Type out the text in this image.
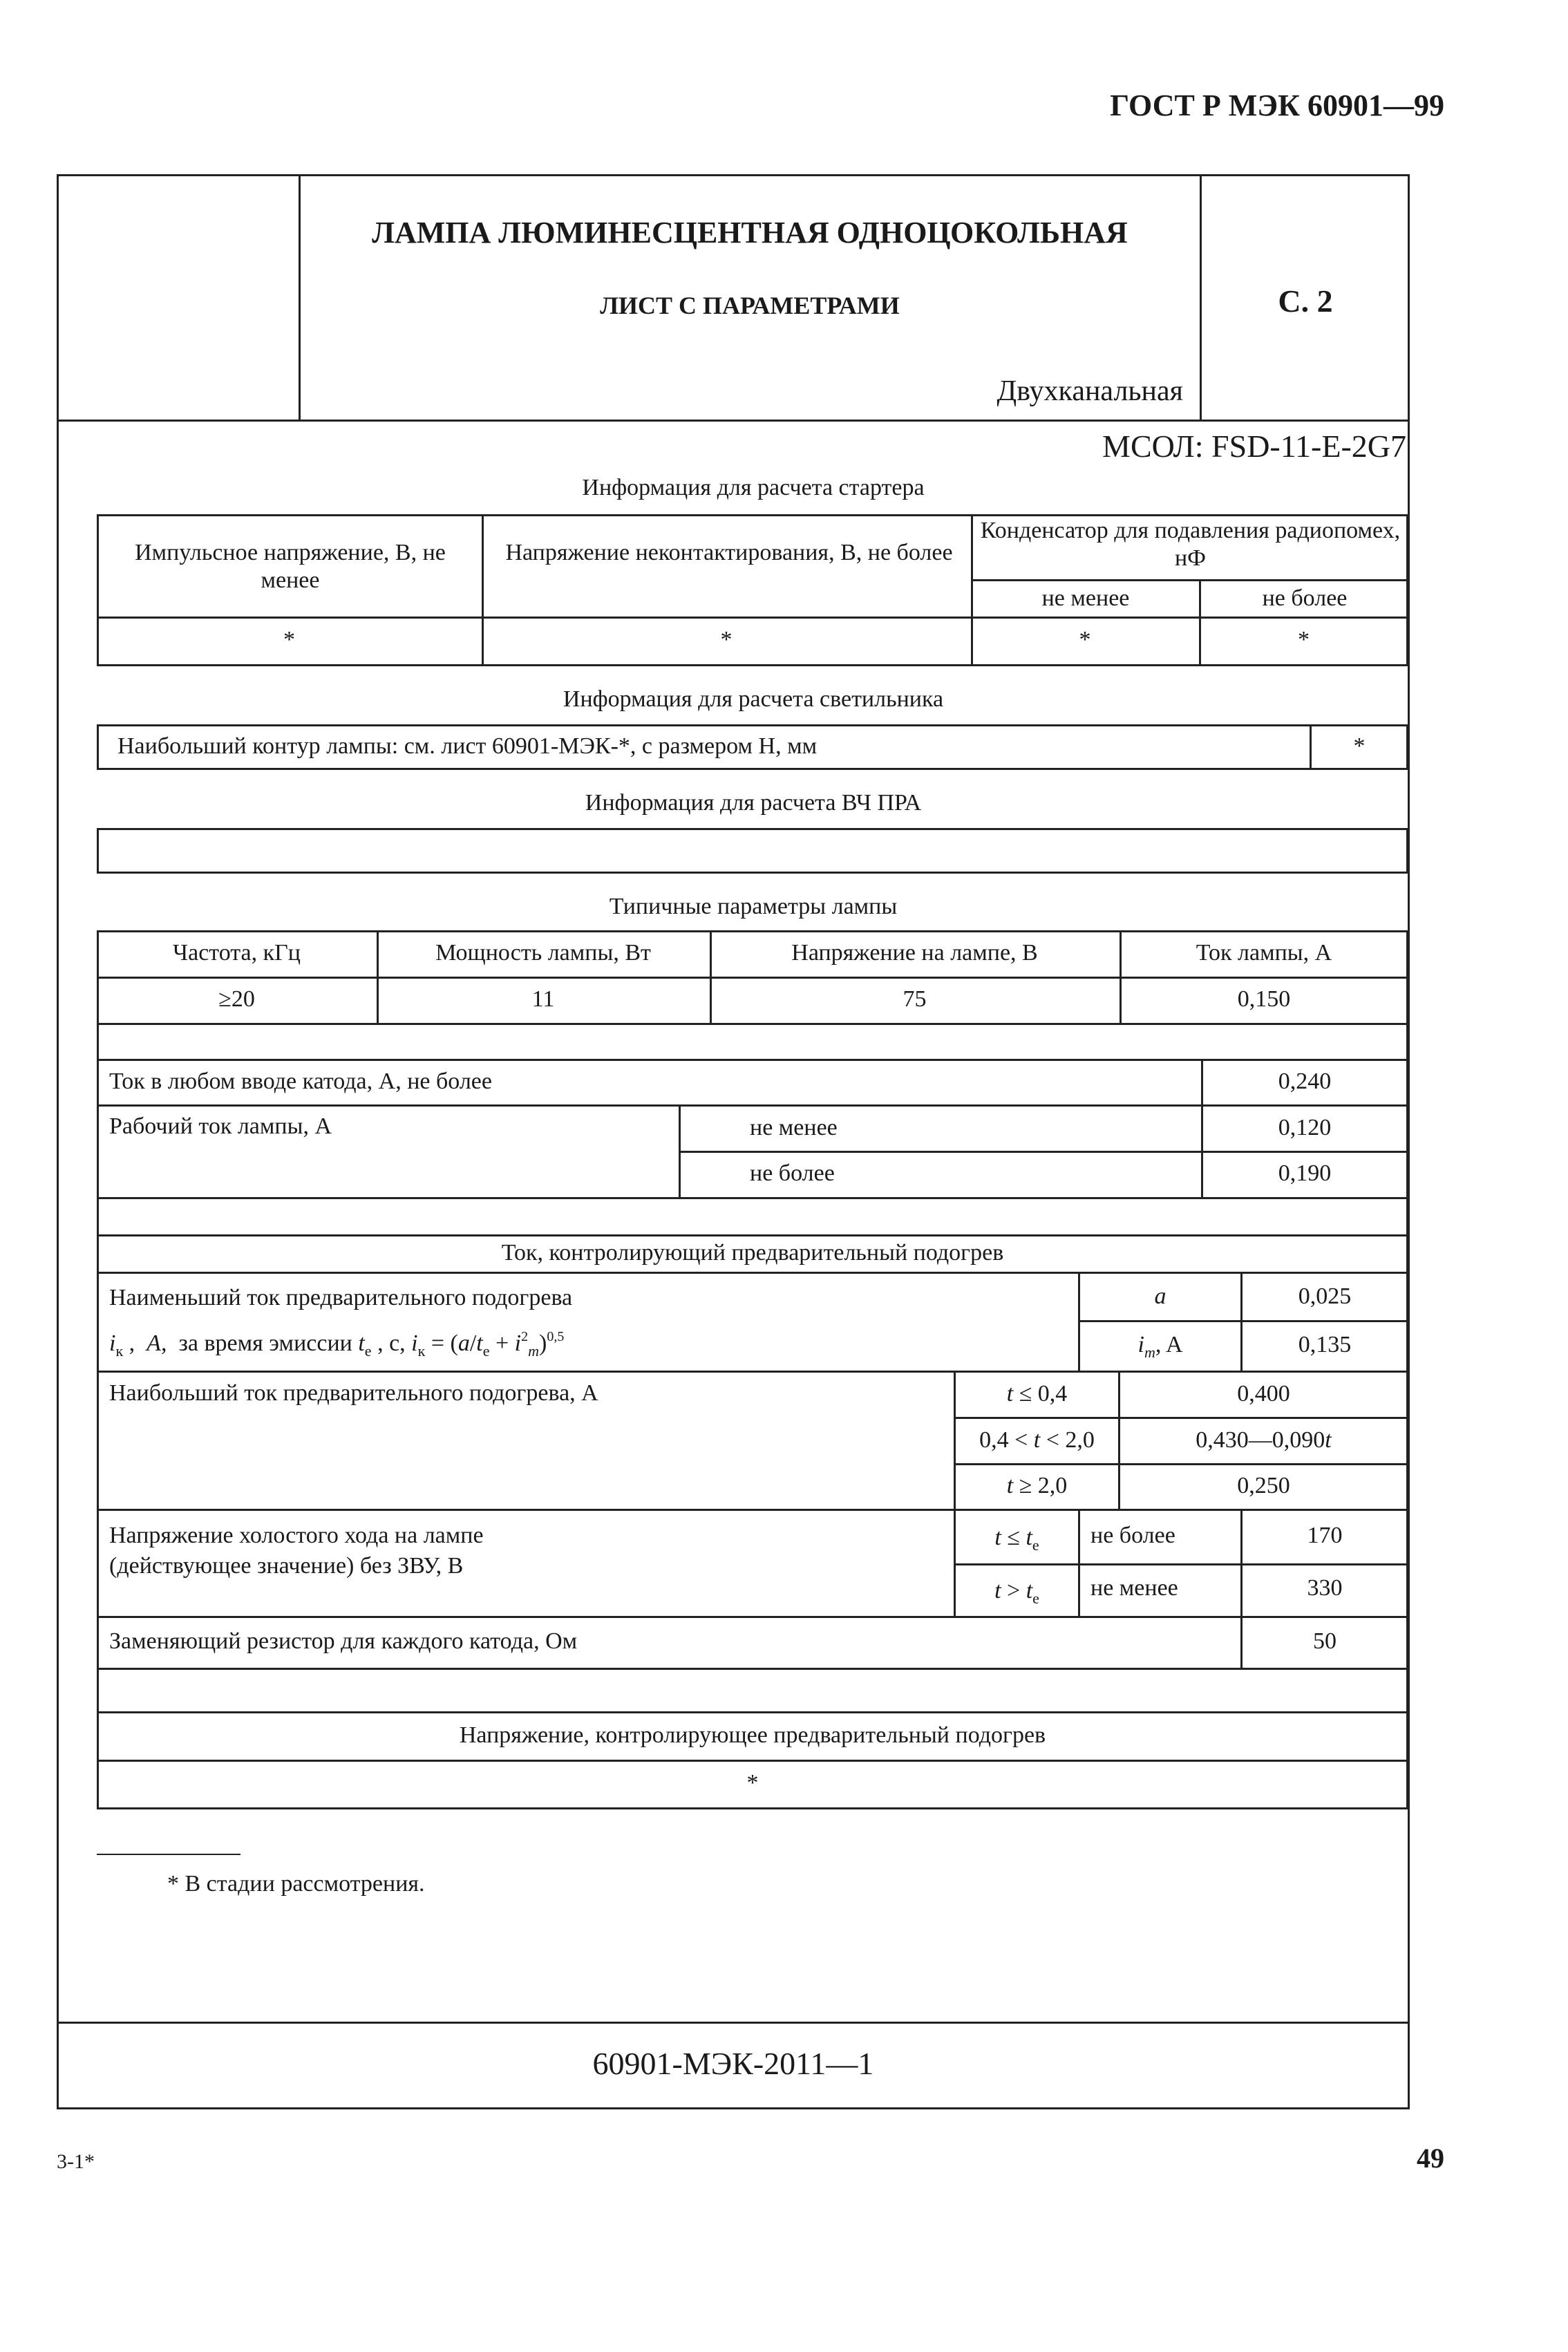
ГОСТ Р МЭК 60901—99
ЛАМПА ЛЮМИНЕСЦЕНТНАЯ ОДНОЦОКОЛЬНАЯ
ЛИСТ С ПАРАМЕТРАМИ	С. 2
Двухканальная
МСОЛ: FSD-11-E-2G7
Информация для расчета стартера
Импульсное напряжение, В, не менее
Напряжение неконтактирования, В, не более
Конденсатор для подавления радиопомех, нФ
не менее	не более
*	*	*	*
Информация для расчета светильника
Наибольший контур лампы: см. лист 60901-МЭК-*, с размером H, мм	*
Информация для расчета ВЧ ПРА
Типичные параметры лампы
Частота, кГц	Мощность лампы, Вт	Напряжение на лампе, В	Ток лампы, А
≥20	11	75	0,150
Ток в любом вводе катода, А, не более	0,240
Рабочий ток лампы, А	не менее	0,120
не более	0,190
Ток, контролирующий предварительный подогрев
Наименьший ток предварительного подогрева
$i_к$ ,  A,  за время эмиссии $t_e$ , c, $i_к = (a/t_e + i^2_m)^{0,5}$
a	0,025
$i_m$, A	0,135
Наибольший ток предварительного подогрева, А	t ≤ 0,4	0,400
0,4 < t < 2,0	0,430—0,090t
t ≥ 2,0	0,250
Напряжение холостого хода на лампе
(действующее значение) без ЗВУ, В
$t \le t_e$	не более	170
$t > t_e$	не менее	330
Заменяющий резистор для каждого катода, Ом	50
Напряжение, контролирующее предварительный подогрев
*
* В стадии рассмотрения.
60901-МЭК-2011—1
3-1*	49
